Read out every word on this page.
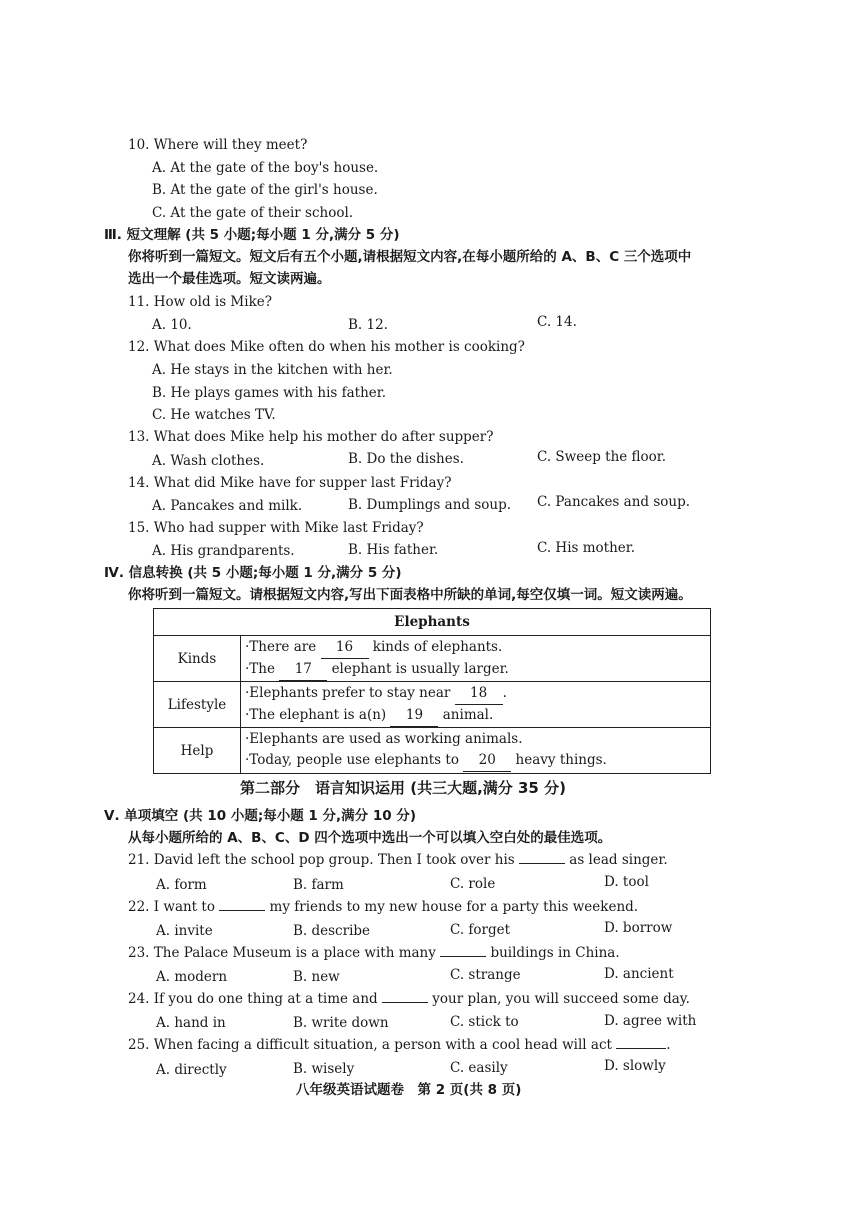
10. Where will they meet?
A. At the gate of the boy's house.
B. At the gate of the girl's house.
C. At the gate of their school.
Ⅲ. 短文理解 (共 5 小题;每小题 1 分,满分 5 分)
你将听到一篇短文。短文后有五个小题,请根据短文内容,在每小题所给的 A、B、C 三个选项中
选出一个最佳选项。短文读两遍。
11. How old is Mike?
A. 10.	B. 12.	C. 14.
12. What does Mike often do when his mother is cooking?
A. He stays in the kitchen with her.
B. He plays games with his father.
C. He watches TV.
13. What does Mike help his mother do after supper?
A. Wash clothes.	B. Do the dishes.	C. Sweep the floor.
14. What did Mike have for supper last Friday?
A. Pancakes and milk.	B. Dumplings and soup. C. Pancakes and soup.
15. Who had supper with Mike last Friday?
A. His grandparents.	B. His father.	C. His mother.
Ⅳ. 信息转换 (共 5 小题;每小题 1 分,满分 5 分)
你将听到一篇短文。请根据短文内容,写出下面表格中所缺的单词,每空仅填一词。短文读两遍。
Elephants	
Kinds	·There are 16 kinds of elephants.
·The 17 elephant is usually larger.

Lifestyle	·Elephants prefer to stay near 18 .
·The elephant is a(n) 19 animal.

Help	·Elephants are used as working animals.
·Today, people use elephants to 20 heavy things.
第二部分　语言知识运用 (共三大题,满分 35 分)
Ⅴ. 单项填空 (共 10 小题;每小题 1 分,满分 10 分)
从每小题所给的 A、B、C、D 四个选项中选出一个可以填入空白处的最佳选项。
21. David left the school pop group. Then I took over his	as lead singer.
A. form	B. farm	C. role	D. tool
22. I want to	my friends to my new house for a party this weekend.
A. invite	B. describe	C. forget	D. borrow
23. The Palace Museum is a place with many	buildings in China.
A. modern	B. new	C. strange	D. ancient
24. If you do one thing at a time and	your plan, you will succeed some day.
A. hand in	B. write down	C. stick to	D. agree with
25. When facing a difficult situation, a person with a cool head will act	.
A. directly	B. wisely	C. easily	D. slowly
八年级英语试题卷　第 2 页(共 8 页)
